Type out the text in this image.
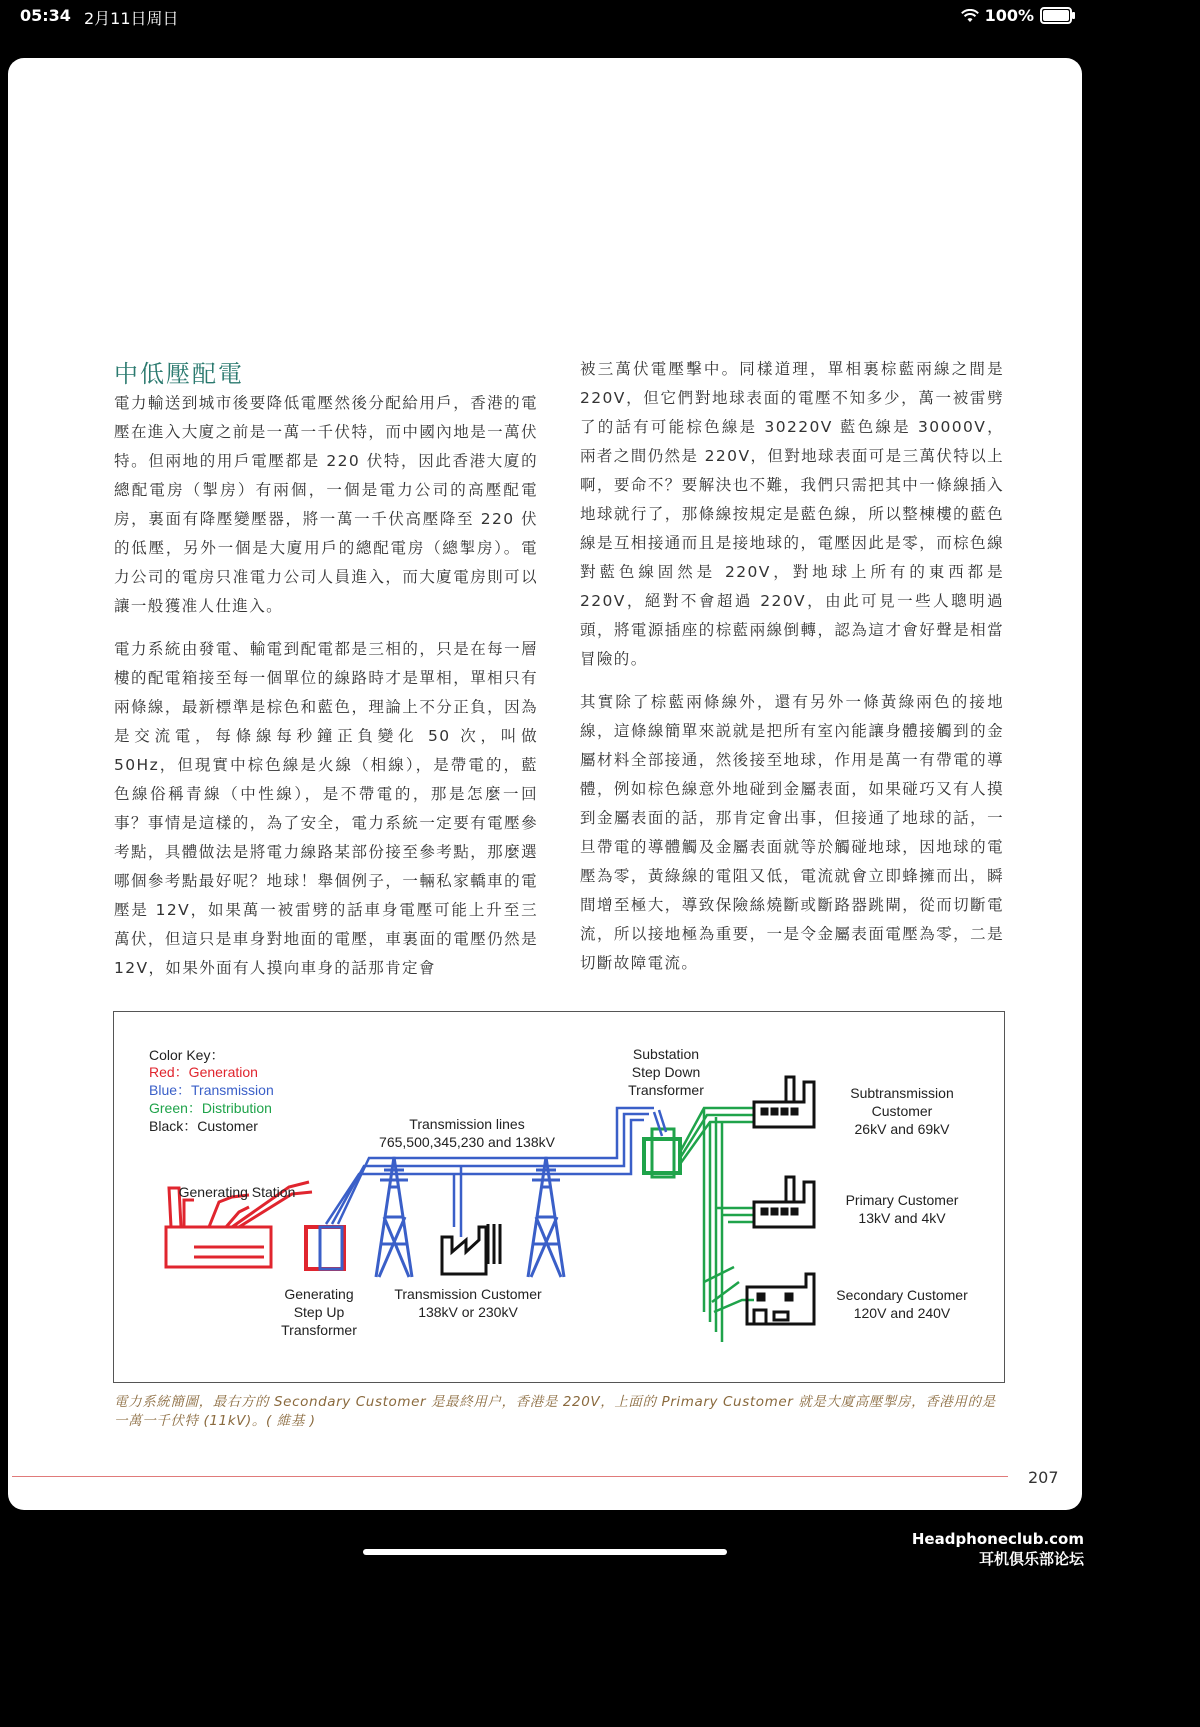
05:34 2月11日周日	100%
中低壓配電

電力輸送到城市後要降低電壓然後分配給用戶，香港的電壓在進入大廈之前是一萬一千伏特，而中國內地是一萬伏特。但兩地的用戶電壓都是 220 伏特，因此香港大廈的總配電房（掣房）有兩個，一個是電力公司的高壓配電房，裏面有降壓變壓器，將一萬一千伏高壓降至 220 伏的低壓，另外一個是大廈用戶的總配電房（總掣房）。電力公司的電房只准電力公司人員進入，而大廈電房則可以讓一般獲准人仕進入。

電力系統由發電、輸電到配電都是三相的，只是在每一層樓的配電箱接至每一個單位的線路時才是單相，單相只有兩條線，最新標準是棕色和藍色，理論上不分正負，因為是交流電，每條線每秒鐘正負變化 50 次，叫做 50Hz，但現實中棕色線是火線（相線），是帶電的，藍色線俗稱青線（中性線），是不帶電的，那是怎麼一回事？事情是這樣的，為了安全，電力系統一定要有電壓參考點，具體做法是將電力線路某部份接至參考點，那麼選哪個參考點最好呢？地球！舉個例子，一輛私家轎車的電壓是 12V，如果萬一被雷劈的話車身電壓可能上升至三萬伏，但這只是車身對地面的電壓，車裏面的電壓仍然是 12V，如果外面有人摸向車身的話那肯定會

被三萬伏電壓擊中。同樣道理，單相裏棕藍兩線之間是 220V，但它們對地球表面的電壓不知多少，萬一被雷劈了的話有可能棕色線是 30220V 藍色線是 30000V，兩者之間仍然是 220V，但對地球表面可是三萬伏特以上啊，要命不？要解決也不難，我們只需把其中一條線插入地球就行了，那條線按規定是藍色線，所以整棟樓的藍色線是互相接通而且是接地球的，電壓因此是零，而棕色線對藍色線固然是 220V，對地球上所有的東西都是 220V，絕對不會超過 220V，由此可見一些人聰明過頭，將電源插座的棕藍兩線倒轉，認為這才會好聲是相當冒險的。

其實除了棕藍兩條線外，還有另外一條黃綠兩色的接地線，這條線簡單來説就是把所有室內能讓身體接觸到的金屬材料全部接通，然後接至地球，作用是萬一有帶電的導體，例如棕色線意外地碰到金屬表面，如果碰巧又有人摸到金屬表面的話，那肯定會出事，但接通了地球的話，一旦帶電的導體觸及金屬表面就等於觸碰地球，因地球的電壓為零，黃綠線的電阻又低，電流就會立即蜂擁而出，瞬間增至極大，導致保險絲燒斷或斷路器跳閘，從而切斷電流，所以接地極為重要，一是令金屬表面電壓為零，二是切斷故障電流。

Color Key：
Red：Generation
Blue：Transmission
Green：Distribution
Black：Customer
Generating Station
Generating
Step Up
Transformer
Transmission lines
765,500,345,230 and 138kV
Transmission Customer
138kV or 230kV
Substation
Step Down
Transformer	Subtransmission
Customer
26kV and 69kV
Primary Customer
13kV and 4kV
Secondary Customer
120V and 240V
電力系統簡圖，最右方的 Secondary Customer 是最終用户，香港是 220V，上面的 Primary Customer 就是大廈高壓掣房，香港用的是一萬一千伏特 (11kV)。( 維基 )
207
Headphoneclub.com
耳机俱乐部论坛
